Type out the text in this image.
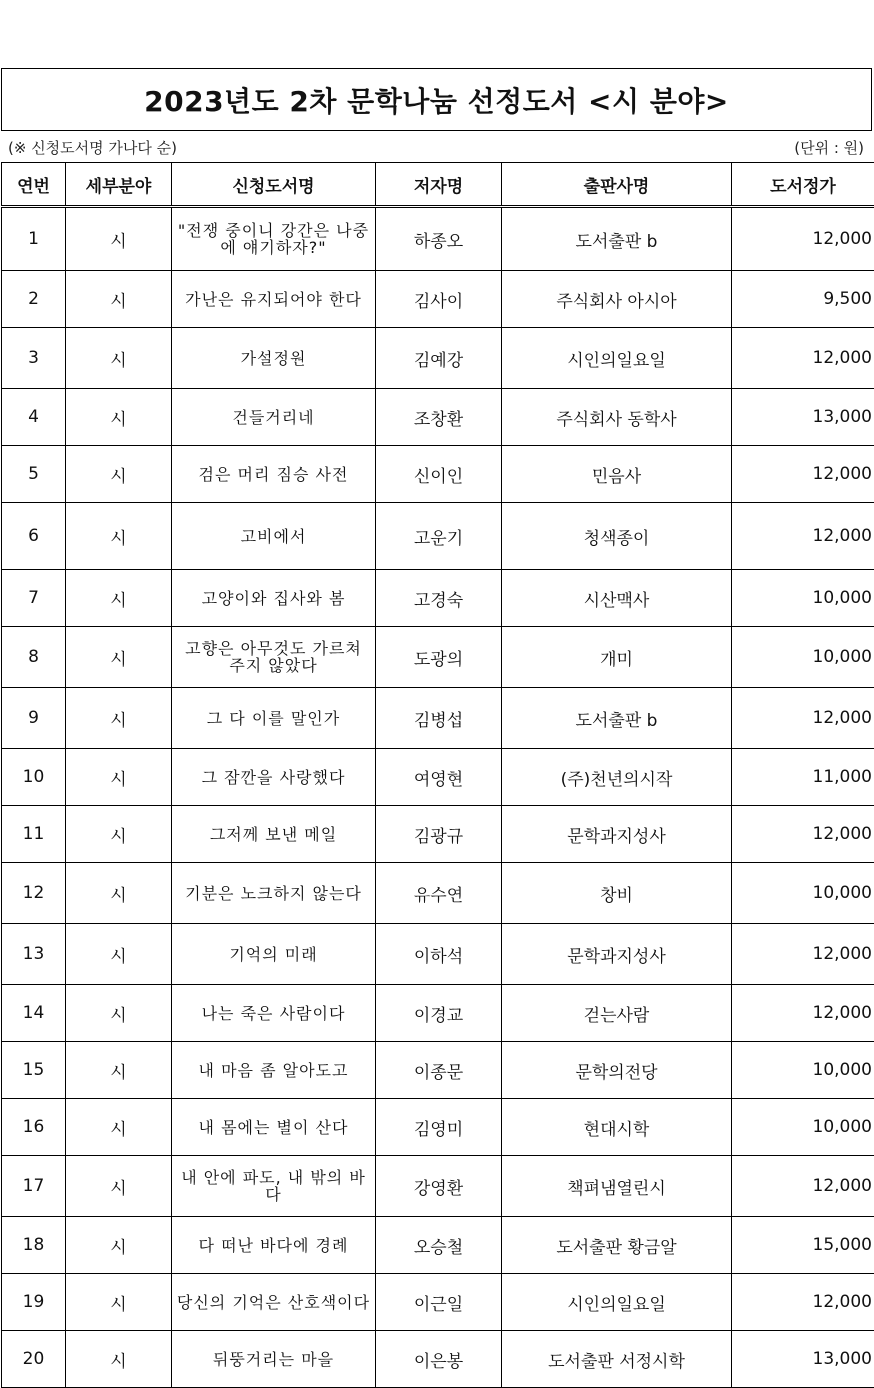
2023년도 2차 문학나눔 선정도서 <시 분야>
(※ 신청도서명 가나다 순)	(단위 : 원)
연번	세부분야	신청도서명	저자명	출판사명	도서정가
1	시	"전쟁 중이니 강간은 나중에 얘기하자?"	하종오	도서출판 b	12,000
2	시	가난은 유지되어야 한다	김사이	주식회사 아시아	9,500
3	시	가설정원	김예강	시인의일요일	12,000
4	시	건들거리네	조창환	주식회사 동학사	13,000
5	시	검은 머리 짐승 사전	신이인	민음사	12,000
6	시	고비에서	고운기	청색종이	12,000
7	시	고양이와 집사와 봄	고경숙	시산맥사	10,000
8	시	고향은 아무것도 가르쳐 주지 않았다	도광의	개미	10,000
9	시	그 다 이를 말인가	김병섭	도서출판 b	12,000
10	시	그 잠깐을 사랑했다	여영현	(주)천년의시작	11,000
11	시	그저께 보낸 메일	김광규	문학과지성사	12,000
12	시	기분은 노크하지 않는다	유수연	창비	10,000
13	시	기억의 미래	이하석	문학과지성사	12,000
14	시	나는 죽은 사람이다	이경교	걷는사람	12,000
15	시	내 마음 좀 알아도고	이종문	문학의전당	10,000
16	시	내 몸에는 별이 산다	김영미	현대시학	10,000
17	시	내 안에 파도, 내 밖의 바다	강영환	책펴냄열린시	12,000
18	시	다 떠난 바다에 경례	오승철	도서출판 황금알	15,000
19	시	당신의 기억은 산호색이다	이근일	시인의일요일	12,000
20	시	뒤뚱거리는 마을	이은봉	도서출판 서정시학	13,000
